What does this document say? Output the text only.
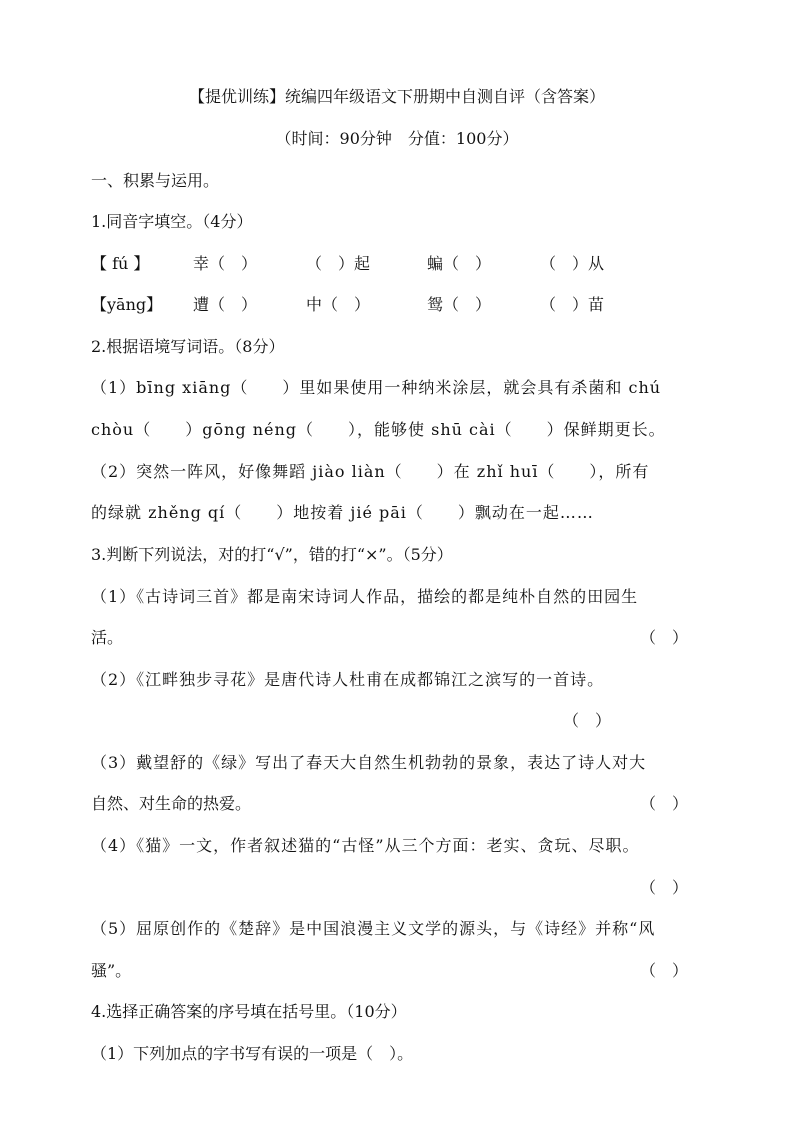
【提优训练】统编四年级语文下册期中自测自评（含答案）
（时间：90分钟　分值：100分）
一、积累与运用。
1.同音字填空。（4分）
【 fú 】	幸（　）	（　）起	蝙（　）	（　）从
【yāng】 遭（　）	中（　）	鸳（　）	（　）苗
2.根据语境写词语。（8分）
（1）bīng xiāng（　　）里如果使用一种纳米涂层，就会具有杀菌和 chú
chòu（　　）gōng néng（　　），能够使 shū cài（　　）保鲜期更长。
（2）突然一阵风，好像舞蹈 jiào liàn（　　）在 zhǐ huī（　　），所有
的绿就 zhěng qí（　　）地按着 jié pāi（　　）飘动在一起……
3.判断下列说法，对的打“√”，错的打“×”。（5分）
（1）《古诗词三首》都是南宋诗词人作品，描绘的都是纯朴自然的田园生
活。	（　）
（2）《江畔独步寻花》是唐代诗人杜甫在成都锦江之滨写的一首诗。
（　）
（3）戴望舒的《绿》写出了春天大自然生机勃勃的景象，表达了诗人对大
自然、对生命的热爱。	（　）
（4）《猫》一文，作者叙述猫的“古怪”从三个方面：老实、贪玩、尽职。
（　）
（5）屈原创作的《楚辞》是中国浪漫主义文学的源头，与《诗经》并称“风
骚”。	（　）
4.选择正确答案的序号填在括号里。（10分）
（1）下列加点的字书写有误的一项是（　）。
